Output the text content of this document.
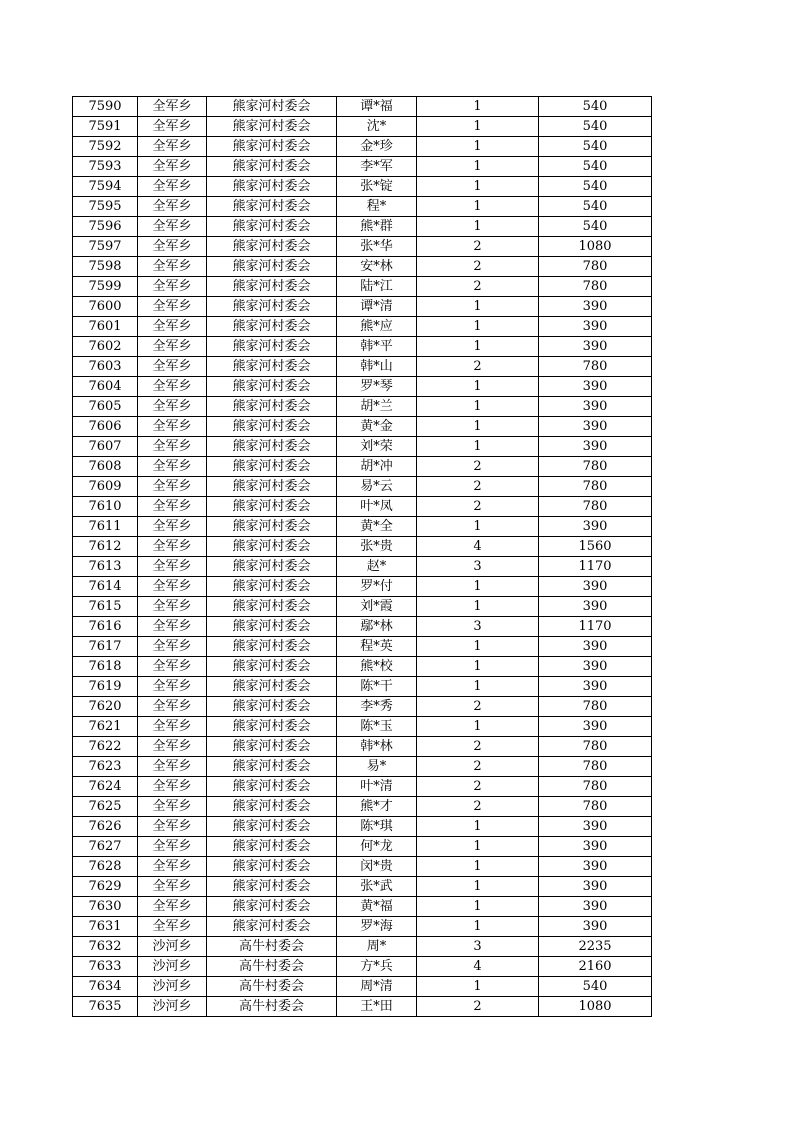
7590	全军乡	熊家河村委会	谭*福	1	540
7591	全军乡	熊家河村委会	沈*	1	540
7592	全军乡	熊家河村委会	金*珍	1	540
7593	全军乡	熊家河村委会	李*军	1	540
7594	全军乡	熊家河村委会	张*锭	1	540
7595	全军乡	熊家河村委会	程*	1	540
7596	全军乡	熊家河村委会	熊*群	1	540
7597	全军乡	熊家河村委会	张*华	2	1080
7598	全军乡	熊家河村委会	安*林	2	780
7599	全军乡	熊家河村委会	陆*江	2	780
7600	全军乡	熊家河村委会	谭*清	1	390
7601	全军乡	熊家河村委会	熊*应	1	390
7602	全军乡	熊家河村委会	韩*平	1	390
7603	全军乡	熊家河村委会	韩*山	2	780
7604	全军乡	熊家河村委会	罗*琴	1	390
7605	全军乡	熊家河村委会	胡*兰	1	390
7606	全军乡	熊家河村委会	黄*金	1	390
7607	全军乡	熊家河村委会	刘*荣	1	390
7608	全军乡	熊家河村委会	胡*冲	2	780
7609	全军乡	熊家河村委会	易*云	2	780
7610	全军乡	熊家河村委会	叶*凤	2	780
7611	全军乡	熊家河村委会	黄*全	1	390
7612	全军乡	熊家河村委会	张*贵	4	1560
7613	全军乡	熊家河村委会	赵*	3	1170
7614	全军乡	熊家河村委会	罗*付	1	390
7615	全军乡	熊家河村委会	刘*霞	1	390
7616	全军乡	熊家河村委会	鄢*林	3	1170
7617	全军乡	熊家河村委会	程*英	1	390
7618	全军乡	熊家河村委会	熊*校	1	390
7619	全军乡	熊家河村委会	陈*干	1	390
7620	全军乡	熊家河村委会	李*秀	2	780
7621	全军乡	熊家河村委会	陈*玉	1	390
7622	全军乡	熊家河村委会	韩*林	2	780
7623	全军乡	熊家河村委会	易*	2	780
7624	全军乡	熊家河村委会	叶*清	2	780
7625	全军乡	熊家河村委会	熊*才	2	780
7626	全军乡	熊家河村委会	陈*琪	1	390
7627	全军乡	熊家河村委会	何*龙	1	390
7628	全军乡	熊家河村委会	闵*贵	1	390
7629	全军乡	熊家河村委会	张*武	1	390
7630	全军乡	熊家河村委会	黄*福	1	390
7631	全军乡	熊家河村委会	罗*海	1	390
7632	沙河乡	高牛村委会	周*	3	2235
7633	沙河乡	高牛村委会	方*兵	4	2160
7634	沙河乡	高牛村委会	周*清	1	540
7635	沙河乡	高牛村委会	王*田	2	1080
